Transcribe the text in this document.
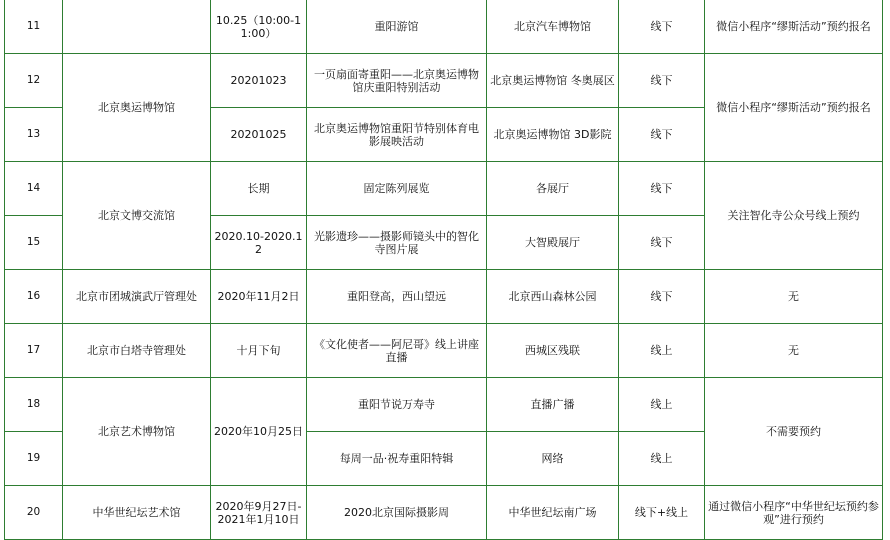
11		10.25（10:00-11:00）	重阳游馆	北京汽车博物馆	线下	微信小程序“缪斯活动”预约报名
12	北京奥运博物馆	20201023	一页扇面寄重阳——北京奥运博物馆庆重阳特别活动	北京奥运博物馆 冬奥展区	线下	微信小程序“缪斯活动”预约报名
13		20201025	北京奥运博物馆重阳节特别体育电影展映活动	北京奥运博物馆 3D影院	线下	
14	北京文博交流馆	长期	固定陈列展览	各展厅	线下	关注智化寺公众号线上预约
15		2020.10-2020.12	光影遗珍——摄影师镜头中的智化寺图片展	大智殿展厅	线下	
16	北京市团城演武厅管理处	2020年11月2日	重阳登高，西山望远	北京西山森林公园	线下	无
17	北京市白塔寺管理处	十月下旬	《文化使者——阿尼哥》线上讲座直播	西城区残联	线上	无
18	北京艺术博物馆	2020年10月25日	重阳节说万寿寺	直播广播	线上	不需要预约
19			每周一品·祝寿重阳特辑	网络	线上	
20	中华世纪坛艺术馆	2020年9月27日-2021年1月10日	2020北京国际摄影周	中华世纪坛南广场	线下+线上	通过微信小程序“中华世纪坛预约参观”进行预约
